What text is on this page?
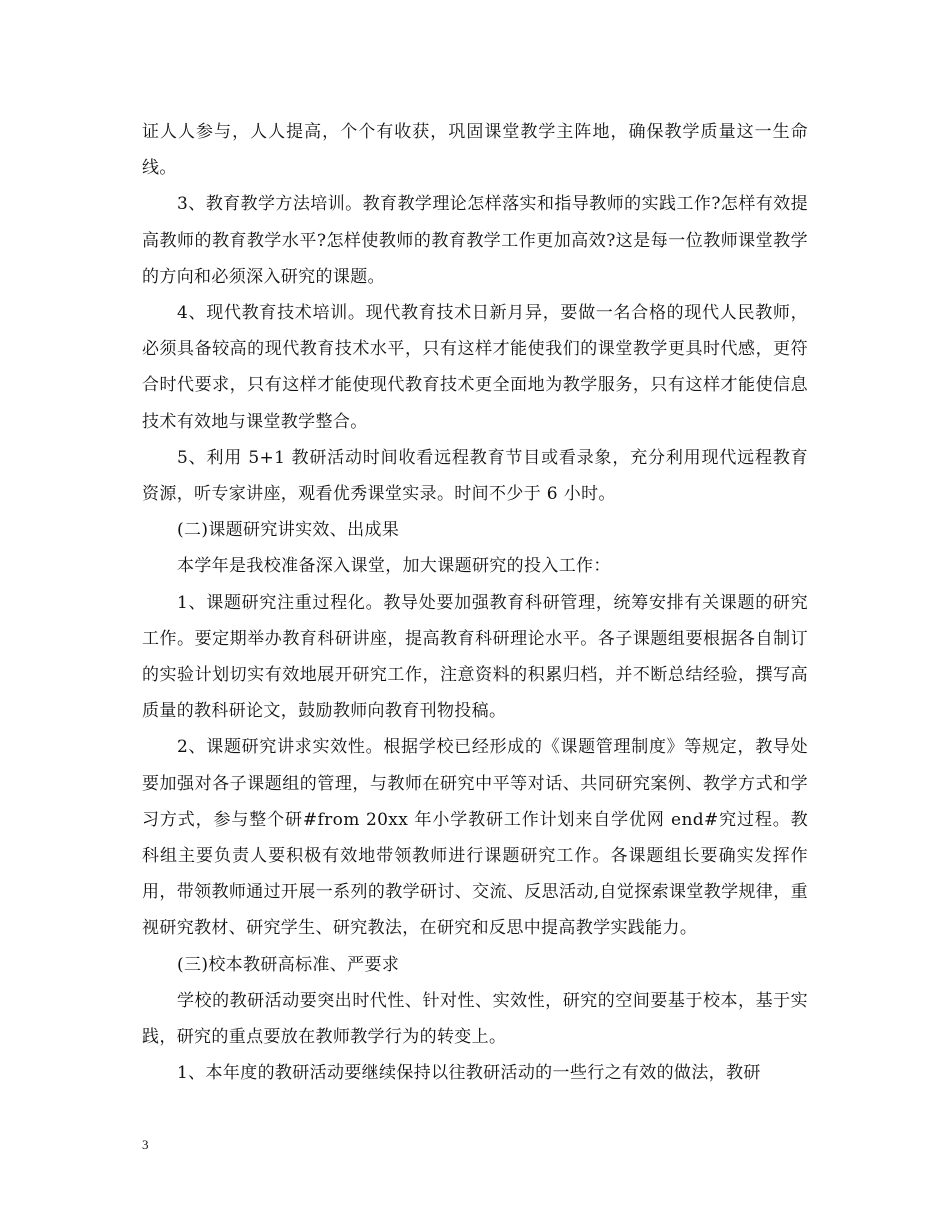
证人人参与，人人提高，个个有收获，巩固课堂教学主阵地，确保教学质量这一生命线。

3、教育教学方法培训。教育教学理论怎样落实和指导教师的实践工作?怎样有效提高教师的教育教学水平?怎样使教师的教育教学工作更加高效?这是每一位教师课堂教学的方向和必须深入研究的课题。

4、现代教育技术培训。现代教育技术日新月异，要做一名合格的现代人民教师，必须具备较高的现代教育技术水平，只有这样才能使我们的课堂教学更具时代感，更符合时代要求，只有这样才能使现代教育技术更全面地为教学服务，只有这样才能使信息技术有效地与课堂教学整合。

5、利用 5+1 教研活动时间收看远程教育节目或看录象，充分利用现代远程教育资源，听专家讲座，观看优秀课堂实录。时间不少于 6 小时。

(二)课题研究讲实效、出成果

本学年是我校准备深入课堂，加大课题研究的投入工作：

1、课题研究注重过程化。教导处要加强教育科研管理，统筹安排有关课题的研究工作。要定期举办教育科研讲座，提高教育科研理论水平。各子课题组要根据各自制订的实验计划切实有效地展开研究工作，注意资料的积累归档，并不断总结经验，撰写高质量的教科研论文，鼓励教师向教育刊物投稿。

2、课题研究讲求实效性。根据学校已经形成的《课题管理制度》等规定，教导处要加强对各子课题组的管理，与教师在研究中平等对话、共同研究案例、教学方式和学习方式，参与整个研#from 20xx 年小学教研工作计划来自学优网 end#究过程。教科组主要负责人要积极有效地带领教师进行课题研究工作。各课题组长要确实发挥作用，带领教师通过开展一系列的教学研讨、交流、反思活动,自觉探索课堂教学规律，重视研究教材、研究学生、研究教法，在研究和反思中提高教学实践能力。

(三)校本教研高标准、严要求

学校的教研活动要突出时代性、针对性、实效性，研究的空间要基于校本，基于实践，研究的重点要放在教师教学行为的转变上。

1、本年度的教研活动要继续保持以往教研活动的一些行之有效的做法，教研

3
